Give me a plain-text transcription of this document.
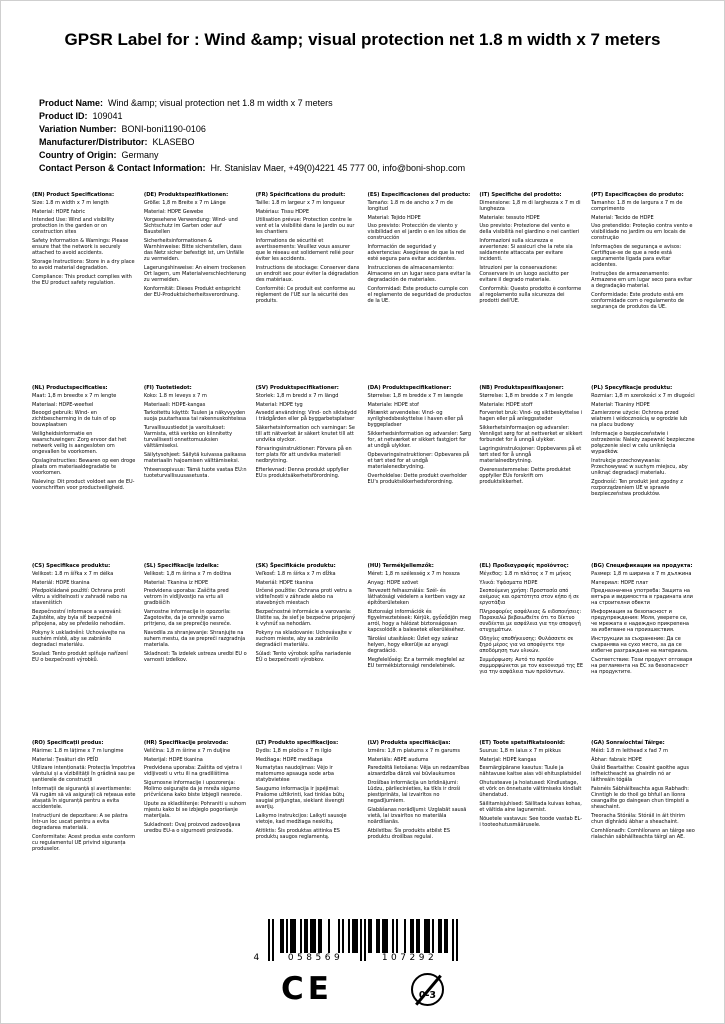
GPSR Label for : Wind &amp; visual protection net 1.8 m width x 7 meters
Product Name: Wind &amp; visual protection net 1.8 m width x 7 meters
Product ID: 109041
Variation Number: BONI-boni1190-0106
Manufacturer/Distributor: KLASEBO
Country of Origin: Germany
Contact Person & Contact Information: Hr. Stanislav Maer, +49(0)4221 45 777 00, info@boni-shop.com
(EN) Product Specifications:
Size: 1.8 m width x 7 m length
Material: HDPE fabric
Intended Use: Wind and visibility protection in the garden or on construction sites
Safety Information & Warnings: Please ensure that the network is securely attached to avoid accidents.
Storage Instructions: Store in a dry place to avoid material degradation.
Compliance: This product complies with the EU product safety regulation.
(DE) Produktspezifikationen:
Größe: 1,8 m Breite x 7 m Länge
Material: HDPE Gewebe
Vorgesehene Verwendung: Wind- und Sichtschutz im Garten oder auf Baustellen
Sicherheitsinformationen & Warnhinweise: Bitte sicherstellen, dass das Netz sicher befestigt ist, um Unfälle zu vermeiden.
Lagerungshinweise: An einem trockenen Ort lagern, um Materialverschlechterung zu vermeiden.
Konformität: Dieses Produkt entspricht der EU-Produktsicherheitsverordnung.
(FR) Spécifications du produit:
Taille: 1.8 m largeur x 7 m longueur
Matériau: Tissu HDPE
Utilisation prévue: Protection contre le vent et la visibilité dans le jardin ou sur les chantiers
Informations de sécurité et avertissements: Veuillez vous assurer que le réseau est solidement relié pour éviter les accidents.
Instructions de stockage: Conserver dans un endroit sec pour éviter la dégradation des matériaux.
Conformité: Ce produit est conforme au règlement de l'UE sur la sécurité des produits.
(ES) Especificaciones del producto:
Tamaño: 1.8 m de ancho x 7 m de longitud
Material: Tejido HDPE
Uso previsto: Protección de viento y visibilidad en el jardín o en los sitios de construcción
Información de seguridad y advertencias: Asegúrese de que la red esté segura para evitar accidentes.
Instrucciones de almacenamiento: Almacene en un lugar seco para evitar la degradación de materiales.
Conformidad: Este producto cumple con el reglamento de seguridad de productos de la UE.
(IT) Specifiche del prodotto:
Dimensione: 1,8 m di larghezza x 7 m di lunghezza
Materiale: tessuto HDPE
Uso previsto: Protezione del vento e della visibilità nel giardino o nei cantieri
Informazioni sulla sicurezza e avvertenze: Si assicuri che la rete sia saldamente attaccata per evitare incidenti.
Istruzioni per la conservazione: Conservare in un luogo asciutto per evitare il degrado materiale.
Conformità: Questo prodotto è conforme al regolamento sulla sicurezza dei prodotti dell'UE.
(PT) Especificações do produto:
Tamanho: 1.8 m de largura x 7 m de comprimento
Material: Tecido de HDPE
Uso pretendido: Proteção contra vento e visibilidade no jardim ou em locais de construção
Informações de segurança e avisos: Certifique-se de que a rede está seguramente ligada para evitar acidentes.
Instruções de armazenamento: Armazene em um lugar seco para evitar a degradação material.
Conformidade: Este produto está em conformidade com o regulamento de segurança de produtos da UE.
(NL) Productspecificaties:
Maat: 1,8 m breedte x 7 m lengte
Materiaal: HDPE-weefsel
Beoogd gebruik: Wind- en zichtbescherming in de tuin of op bouwplaatsen
Veiligheidsinformatie en waarschuwingen: Zorg ervoor dat het netwerk veilig is aangesloten om ongevallen te voorkomen.
Opslaginstructies: Bewaren op een droge plaats om materiaaldegradatie te voorkomen.
Naleving: Dit product voldoet aan de EU-voorschriften voor productveiligheid.
(FI) Tuotetiedot:
Koko: 1.8 m leveys x 7 m
Materiaali: HDPE-kangas
Tarkoitettu käyttö: Tuulen ja näkyvyyden suoja puutarhassa tai rakennuskohteissa
Turvallisuustiedot ja varoitukset: Varmista, että verkko on kiinnitetty turvallisesti onnettomuuksien välttämiseksi.
Säilytysohjeet: Säilytä kuivassa paikassa materiaalin hajoamisen välttämiseksi.
Yhteensopivuus: Tämä tuote vastaa EU:n tuoteturvallisuusasetusta.
(SV) Produktspecifikationer:
Storlek: 1,8 m bredd x 7 m längd
Material: HDPE tyg
Avsedd användning: Vind- och siktskydd i trädgården eller på byggarbetsplatser
Säkerhetsinformation och varningar: Se till att nätverket är säkert knutet till att undvika olyckor.
Förvaringsinstruktioner: Förvara på en torr plats för att undvika materiell nedbrytning.
Efterlevnad: Denna produkt uppfyller EU:s produktsäkerhetsförordning.
(DA) Produktspecifikationer:
Størrelse: 1,8 m bredde x 7 m længde
Materiale: HDPE stof
Påtænkt anvendelse: Vind- og synlighedsbeskyttelse i haven eller på byggepladser
Sikkerhedsinformation og advarsler: Sørg for, at netværket er sikkert fastgjort for at undgå ulykker.
Opbevaringsinstruktioner: Opbevares på et tørt sted for at undgå materialenedbrydning.
Overholdelse: Dette produkt overholder EU's produktsikkerhedsforordning.
(NB) Produktspesifikasjoner:
Størrelse: 1,8 m bredde x 7 m lengde
Materiale: HDPE stoff
Forventet bruk: Vind- og siktbeskyttelse i hagen eller på anleggssteder
Sikkerhetsinformasjon og advarsler: Vennligst sørg for at nettverket er sikkert forbundet for å unngå ulykker.
Lagringsinstruksjoner: Oppbevares på et tørt sted for å unngå materialnedbrytning.
Overensstemmelse: Dette produktet oppfyller EUs forskrift om produktsikkerhet.
(PL) Specyfikacje produktu:
Rozmiar: 1,8 m szerokości x 7 m długości
Materiał: Tkaniny HDPE
Zamierzone użycie: Ochrona przed wiatrem i widocznością w ogrodzie lub na placu budowy
Informacje o bezpieczeństwie i ostrzeżenia: Należy zapewnić bezpieczne połączenie sieci w celu uniknięcia wypadków.
Instrukcje przechowywania: Przechowywać w suchym miejscu, aby uniknąć degradacji materiału.
Zgodność: Ten produkt jest zgodny z rozporządzeniem UE w sprawie bezpieczeństwa produktów.
(CS) Specifikace produktu:
Velikost: 1.8 m šířka x 7 m délka
Materiál: HDPE tkanina
Předpokládané použití: Ochrana proti větru a viditelnosti v zahradě nebo na staveništích
Bezpečnostní informace a varování: Zajistěte, aby byla síť bezpečně připojena, aby se předešlo nehodám.
Pokyny k uskladnění: Uchovávejte na suchém místě, aby se zabránilo degradaci materiálu.
Soulad: Tento produkt splňuje nařízení EU o bezpečnosti výrobků.
(SL) Specifikacije izdelka:
Velikost: 1,8 m širina x 7 m dolžina
Material: Tkanina iz HDPE
Predvidena uporaba: Zaščita pred vetrom in vidljivostjo na vrtu ali gradbiščih
Varnostne informacije in opozorila: Zagotovite, da je omrežje varno pritrjeno, da se preprečijo nesreče.
Navodila za shranjevanje: Shranjujte na suhem mestu, da se prepreči razgradnja materiala.
Skladnost: Ta izdelek ustreza uredbi EU o varnosti izdelkov.
(SK) Špecifikácie produktu:
Veľkosť: 1.8 m šírka x 7 m dĺžka
Materiál: HDPE tkanina
Určené použitie: Ochrana proti vetru a viditeľnosti v záhrade alebo na stavebných miestach
Bezpečnostné informácie a varovania: Uistite sa, že sieť je bezpečne pripojený k vyhnúť sa nehodám.
Pokyny na skladovanie: Uchovávajte v suchom mieste, aby sa zabránilo degradácii materiálu.
Súlad: Tento výrobok spĺňa nariadenie EÚ o bezpečnosti výrobkov.
(HU) Termékjellemzők:
Méret: 1,8 m szélesség x 7 m hossza
Anyag: HDPE szövet
Tervezett felhasználás: Szél- és láthatósági védelem a kertben vagy az építőterületeken
Biztonsági információk és figyelmeztetések: Kérjük, győződjön meg arról, hogy a hálózat biztonságosan kapcsolódik a balesetek elkerüléséhez.
Tárolási utasítások: Üzlet egy száraz helyen, hogy elkerülje az anyagi degradáció.
Megfelelőség: Ez a termék megfelel az EU termékbiztonsági rendeletének.
(EL) Προδιαγραφές προϊόντος:
Μέγεθος: 1.8 m πλάτος x 7 m μήκος
Υλικά: Υφάσματα HDPE
Σκοπούμενη χρήση: Προστασία από ανέμους και ορατότητα στον κήπο ή σε εργοτάξια
Πληροφορίες ασφάλειας & ειδοποιήσεις: Παρακαλώ βεβαιωθείτε ότι το δίκτυο συνδέεται με ασφάλεια για την αποφυγή ατυχημάτων.
Οδηγίες αποθήκευσης: Φυλάσσετε σε ξηρό μέρος για να αποφύγετε την αποδόμηση των υλικών.
Συμμόρφωση: Αυτό το προϊόν συμμορφώνεται με τον κανονισμό της ΕΕ για την ασφάλεια των προϊόντων.
(BG) Спецификации на продукта:
Размер: 1,8 m ширина x 7 m дължина
Материал: HDPE плат
Предназначена употреба: Защита на вятъра и видимостта в градината или на строителни обекти
Информация за безопасност и предупреждения: Моля, уверете се, че мрежата е надеждно прикрепена за избягване на произшествия.
Инструкции за съхранение: Да се съхранява на сухо място, за да се избегне разграждане на материала.
Съответствие: Този продукт отговаря на регламента на ЕС за безопасност на продуктите.
(RO) Specificații produs:
Mărime: 1.8 m lățime x 7 m lungime
Material: Țesături din PEÎD
Utilizare intenționată: Protecția împotriva vântului și a vizibilității în grădină sau pe șantierele de construcții
Informații de siguranță și avertismente: Vă rugăm să vă asigurați că rețeaua este atașată în siguranță pentru a evita accidentele.
Instrucțiuni de depozitare: A se păstra într-un loc uscat pentru a evita degradarea materială.
Conformitate: Acest produs este conform cu regulamentul UE privind siguranța produselor.
(HR) Specifikacije proizvoda:
Veličina: 1,8 m širine x 7 m duljine
Materijal: HDPE tkanina
Predvidena uporaba: Zaštita od vjetra i vidljivosti u vrtu ili na gradilištima
Sigurnosne informacije i upozorenja: Molimo osigurajte da je mreža sigurno pričvršćena kako biste izbjegli nesreće.
Upute za skladištenje: Pohraniti u suhom mjestu kako bi se izbjeglo pogoršanje materijala.
Sukladnost: Ovaj proizvod zadovoljava uredbu EU-a o sigurnosti proizvoda.
(LT) Produkto specifikacijos:
Dydis: 1,8 m pločio x 7 m ilgio
Medžiaga: HDPE medžiaga
Numatytas naudojimas: Vėjo ir matomumo apsauga sode arba statybvietėse
Saugumo informacija ir įspėjimai: Prašome užtikrinti, kad tinklas būtų saugiai prijungtas, siekiant išvengti avarijų.
Laikymo instrukcijos: Laikyti sausoje vietoje, kad medžiaga neskiltų.
Atitiktis: Šis produktas atitinka ES produktų saugos reglamentą.
(LV) Produkta specifikācijas:
Izmērs: 1,8 m platums x 7 m garums
Materiāls: ABPE audums
Paredzētā lietošana: Vēja un redzamības aizsardzība dārzā vai būvlaukumos
Drošības informācija un brīdinājumi: Lūdzu, pārliecinieties, ka tīkls ir droši piestiprināts, lai izvairītos no negadījumiem.
Glabāšanas norādījumi: Uzglabāt sausā vietā, lai izvairītos no materiāla noārdīšanās.
Atbilstība: Šis produkts atbilst ES produktu drošības regulai.
(ET) Toote spetsifikatsioonid:
Suurus: 1,8 m laius x 7 m pikkus
Materjal: HDPE kangas
Eesmärgipärane kasutus: Tuule ja nähtavuse kaitse aias või ehitusplatsidel
Ohutusteave ja hoiatused: Kindlustage, et võrk on õnnetuste vältimiseks kindlalt ühendatud.
Säilitamisjuhised: Säilitada kuivas kohas, et vältida aine lagunemist.
Nõuetele vastavus: See toode vastab EL-i tooteohutusmäärusele.
(GA) Sonraíochtaí Táirge:
Méid: 1.8 m leithead x fad 7 m
Ábhar: fabraic HDPE
Úsáid Beartaithe: Cosaint gaoithe agus infheictheacht sa ghairdín nó ar láithreáin tógála
Faisnéis Sábháilteachta agus Rabhadh: Cinntigh le do thoil go bhfuil an líonra ceangailte go daingean chun timpistí a sheachaint.
Treoracha Stórála: Stóráil in áit thirim chun díghrádú ábhar a sheachaint.
Comhlíonadh: Comhlíonann an táirge seo rialachán sábháilteachta táirgí an AE.
4	058569	107292
CE	0-3
